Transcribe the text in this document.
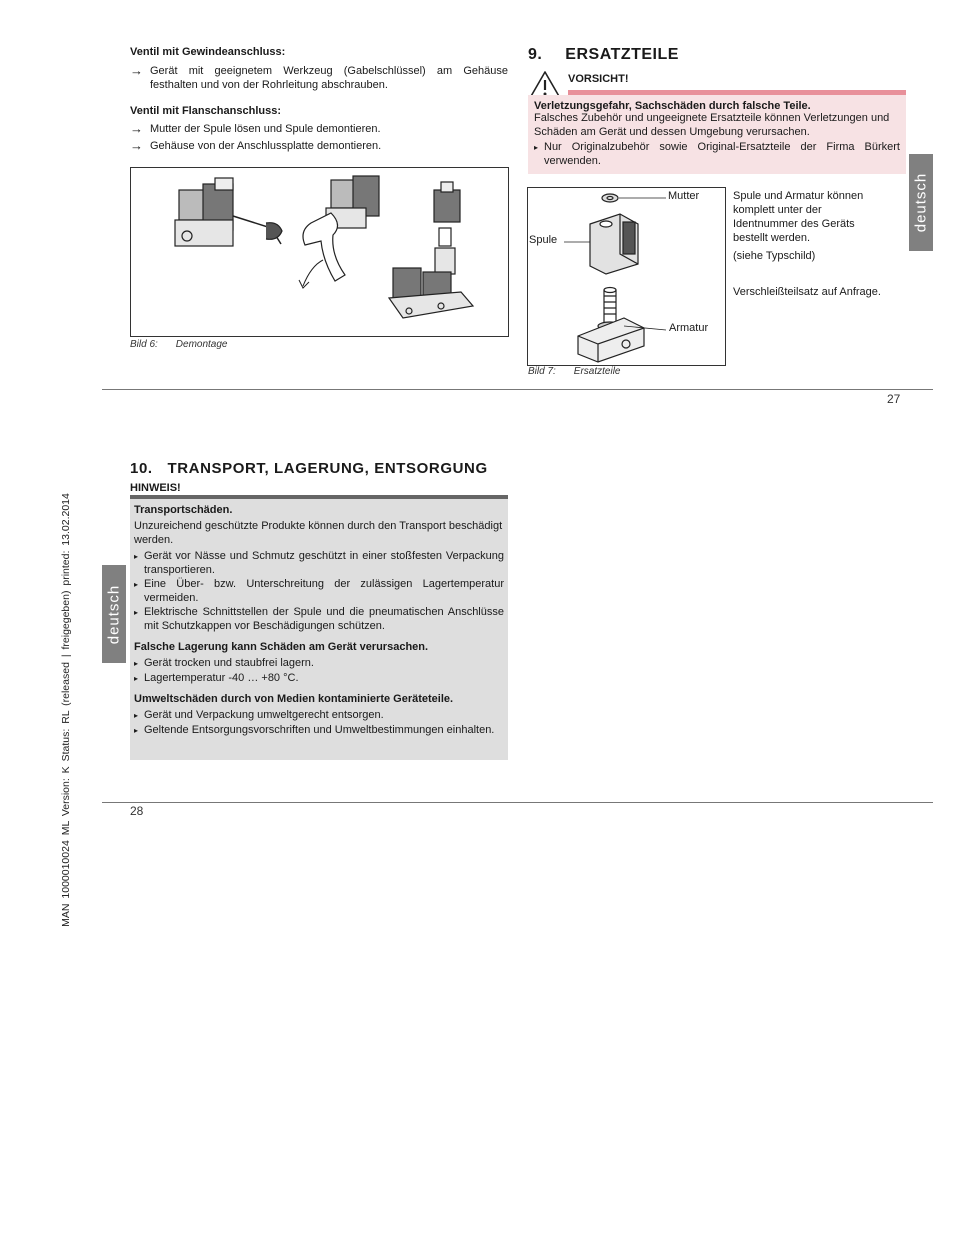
Ventil mit Gewindeanschluss:
→ Gerät mit geeignetem Werkzeug (Gabelschlüssel) am Gehäuse festhalten und von der Rohrleitung abschrauben.
Ventil mit Flanschanschluss:
→ Mutter der Spule lösen und Spule demontieren.
→ Gehäuse von der Anschlussplatte demontieren.
Bild 6: Demontage
9. ERSATZTEILE
VORSICHT!
Verletzungsgefahr, Sachschäden durch falsche Teile.
Falsches Zubehör und ungeeignete Ersatzteile können Verletzungen und Schäden am Gerät und dessen Umgebung verursachen.
▸ Nur Originalzubehör sowie Original-Ersatzteile der Firma Bürkert verwenden.
Mutter
Spule
Armatur
Spule und Armatur können komplett unter der Identnummer des Geräts bestellt werden.
(siehe Typschild)
Verschleißteilsatz auf Anfrage.
Bild 7: Ersatzteile
deutsch
27
10. TRANSPORT, LAGERUNG, ENTSORGUNG
HINWEIS!
Transportschäden.
Unzureichend geschützte Produkte können durch den Transport beschädigt werden.
▸ Gerät vor Nässe und Schmutz geschützt in einer stoßfesten Verpackung transportieren.
▸ Eine Über- bzw. Unterschreitung der zulässigen Lagertemperatur vermeiden.
▸ Elektrische Schnittstellen der Spule und die pneumatischen Anschlüsse mit Schutzkappen vor Beschädigungen schützen.
Falsche Lagerung kann Schäden am Gerät verursachen.
▸ Gerät trocken und staubfrei lagern.
▸ Lagertemperatur -40 … +80 °C.
Umweltschäden durch von Medien kontaminierte Geräteteile.
▸ Gerät und Verpackung umweltgerecht entsorgen.
▸ Geltende Entsorgungsvorschriften und Umweltbestimmungen einhalten.
deutsch
28
MAN 1000010024 ML Version: K Status: RL (released | freigegeben) printed: 13.02.2014
